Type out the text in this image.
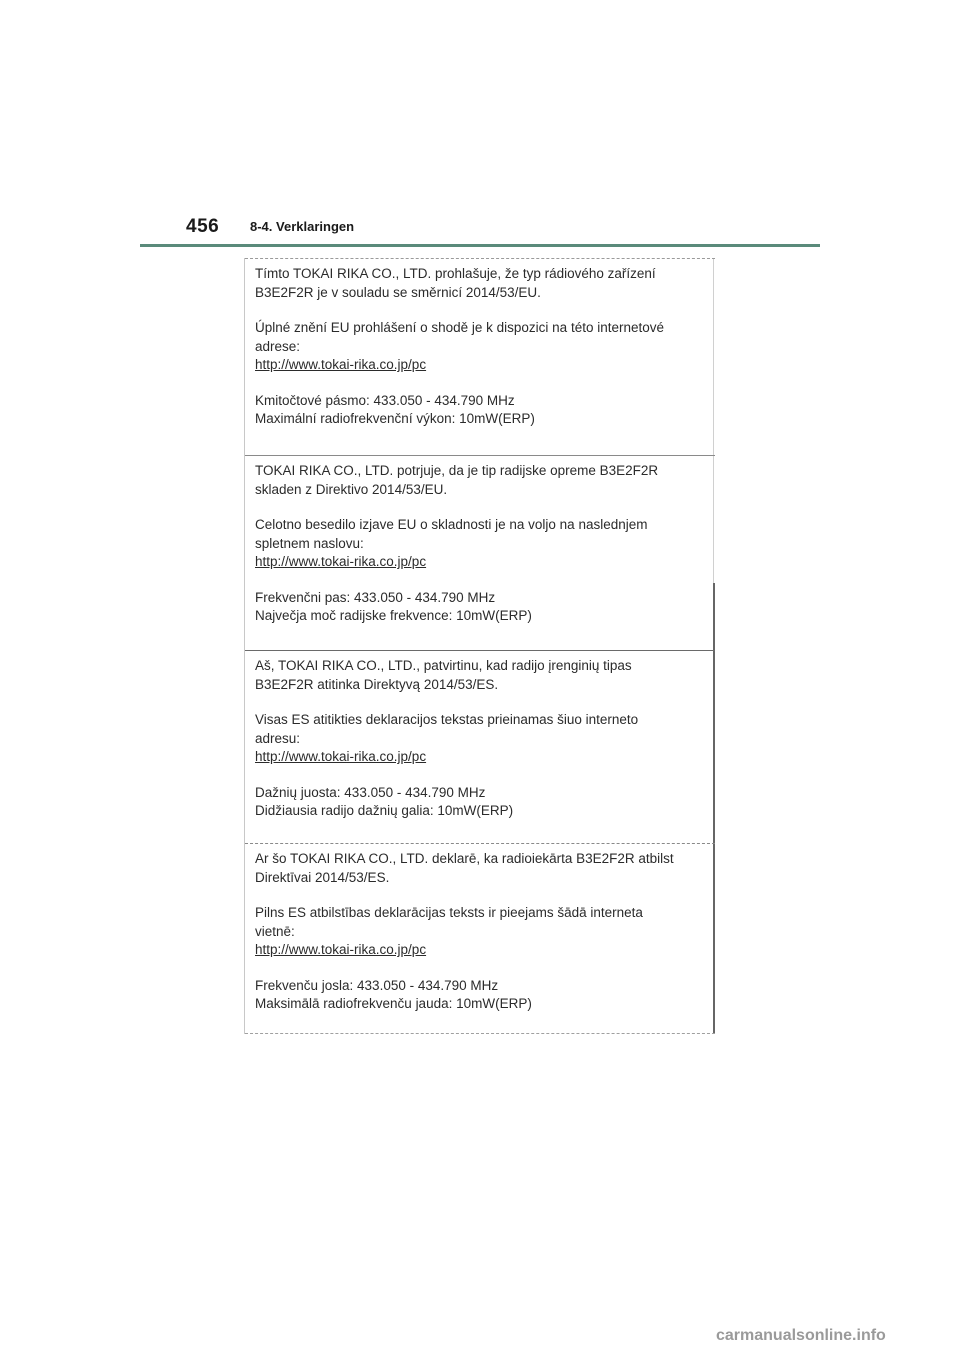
456 8-4. Verklaringen

Tímto TOKAI RIKA CO., LTD. prohlašuje, že typ rádiového zařízení

B3E2F2R je v souladu se směrnicí 2014/53/EU.

Úplné znění EU prohlášení o shodě je k dispozici na této internetové

adrese:

http://www.tokai-rika.co.jp/pc

Kmitočtové pásmo: 433.050 - 434.790 MHz

Maximální radiofrekvenční výkon: 10mW(ERP)

TOKAI RIKA CO., LTD. potrjuje, da je tip radijske opreme B3E2F2R

skladen z Direktivo 2014/53/EU.

Celotno besedilo izjave EU o skladnosti je na voljo na naslednjem

spletnem naslovu:

http://www.tokai-rika.co.jp/pc

Frekvenčni pas: 433.050 - 434.790 MHz

Največja moč radijske frekvence: 10mW(ERP)

Aš, TOKAI RIKA CO., LTD., patvirtinu, kad radijo įrenginių tipas

B3E2F2R atitinka Direktyvą 2014/53/ES.

Visas ES atitikties deklaracijos tekstas prieinamas šiuo interneto

adresu:

http://www.tokai-rika.co.jp/pc

Dažnių juosta: 433.050 - 434.790 MHz

Didžiausia radijo dažnių galia: 10mW(ERP)

Ar šo TOKAI RIKA CO., LTD. deklarē, ka radioiekārta B3E2F2R atbilst

Direktīvai 2014/53/ES.

Pilns ES atbilstības deklarācijas teksts ir pieejams šādā interneta

vietnē:

http://www.tokai-rika.co.jp/pc

Frekvenču josla: 433.050 - 434.790 MHz

Maksimālā radiofrekvenču jauda: 10mW(ERP)

carmanualsonline.info
